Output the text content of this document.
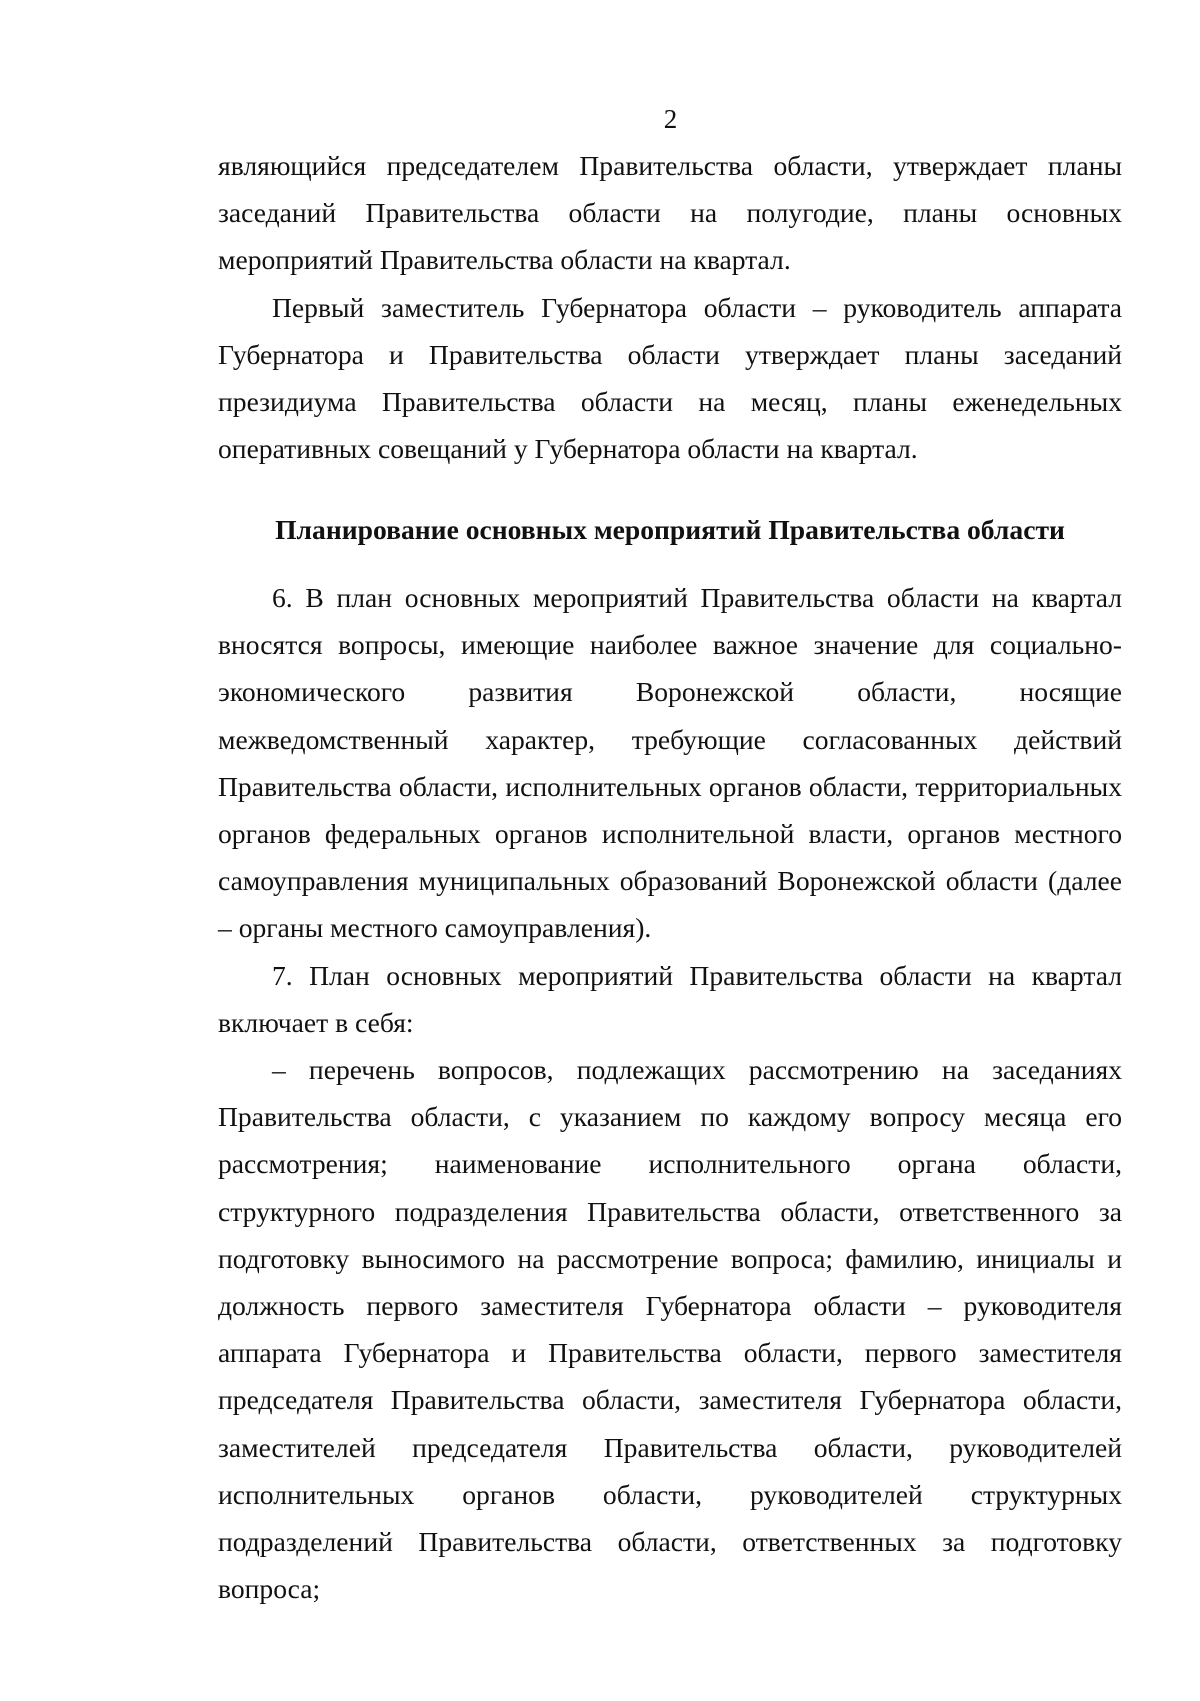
2

являющийся председателем Правительства области, утверждает планы заседаний Правительства области на полугодие, планы основных мероприятий Правительства области на квартал.

Первый заместитель Губернатора области – руководитель аппарата Губернатора и Правительства области утверждает планы заседаний президиума Правительства области на месяц, планы еженедельных оперативных совещаний у Губернатора области на квартал.

Планирование основных мероприятий Правительства области

6. В план основных мероприятий Правительства области на квартал вносятся вопросы, имеющие наиболее важное значение для социально-экономического развития Воронежской области, носящие межведомственный характер, требующие согласованных действий Правительства области, исполнительных органов области, территориальных органов федеральных органов исполнительной власти, органов местного самоуправления муниципальных образований Воронежской области (далее – органы местного самоуправления).

7. План основных мероприятий Правительства области на квартал включает в себя:

– перечень вопросов, подлежащих рассмотрению на заседаниях Правительства области, с указанием по каждому вопросу месяца его рассмотрения; наименование исполнительного органа области, структурного подразделения Правительства области, ответственного за подготовку выносимого на рассмотрение вопроса; фамилию, инициалы и должность первого заместителя Губернатора области – руководителя аппарата Губернатора и Правительства области, первого заместителя председателя Правительства области, заместителя Губернатора области, заместителей председателя Правительства области, руководителей исполнительных органов области, руководителей структурных подразделений Правительства области, ответственных за подготовку вопроса;
